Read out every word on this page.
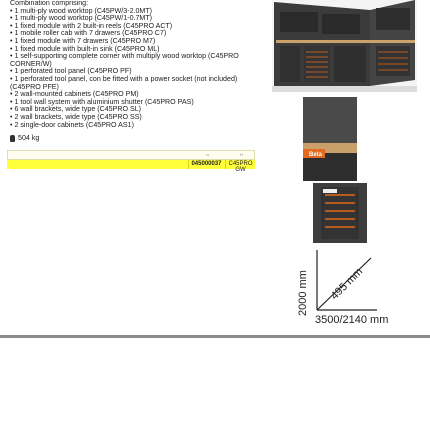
Combination comprising:
• 1 multi-ply wood worktop (C45PW/3-2.0MT)
• 1 multi-ply wood worktop (C45PW/1-0.7MT)
• 1 fixed module with 2 built-in reels (C45PRO ACT)
• 1 mobile roller cab with 7 drawers (C45PRO C7)
• 1 fixed module with 7 drawers (C45PRO M7)
• 1 fixed module with built-in sink (C45PRO ML)
• 1 self-supporting complete corner with multiply wood worktop (C45PRO
CORNER/W)
• 1 perforated tool panel (C45PRO PF)
• 1 perforated tool panel, con be fitted with a power socket (not included)
(C45PRO PFE)
• 2 wall-mounted cabinets (C45PRO PM)
• 1 tool wall system with aluminium shutter (C45PRO PAS)
• 6 wall brackets, wide type (C45PRO SL)
• 2 wall brackets, wide type (C45PRO SS)
• 2 single-door cabinets (C45PRO AS1)
504 kg
▭	⊓
045000037	C45PRO GW
Beta
2000 mm 495 mm
3500/2140 mm
